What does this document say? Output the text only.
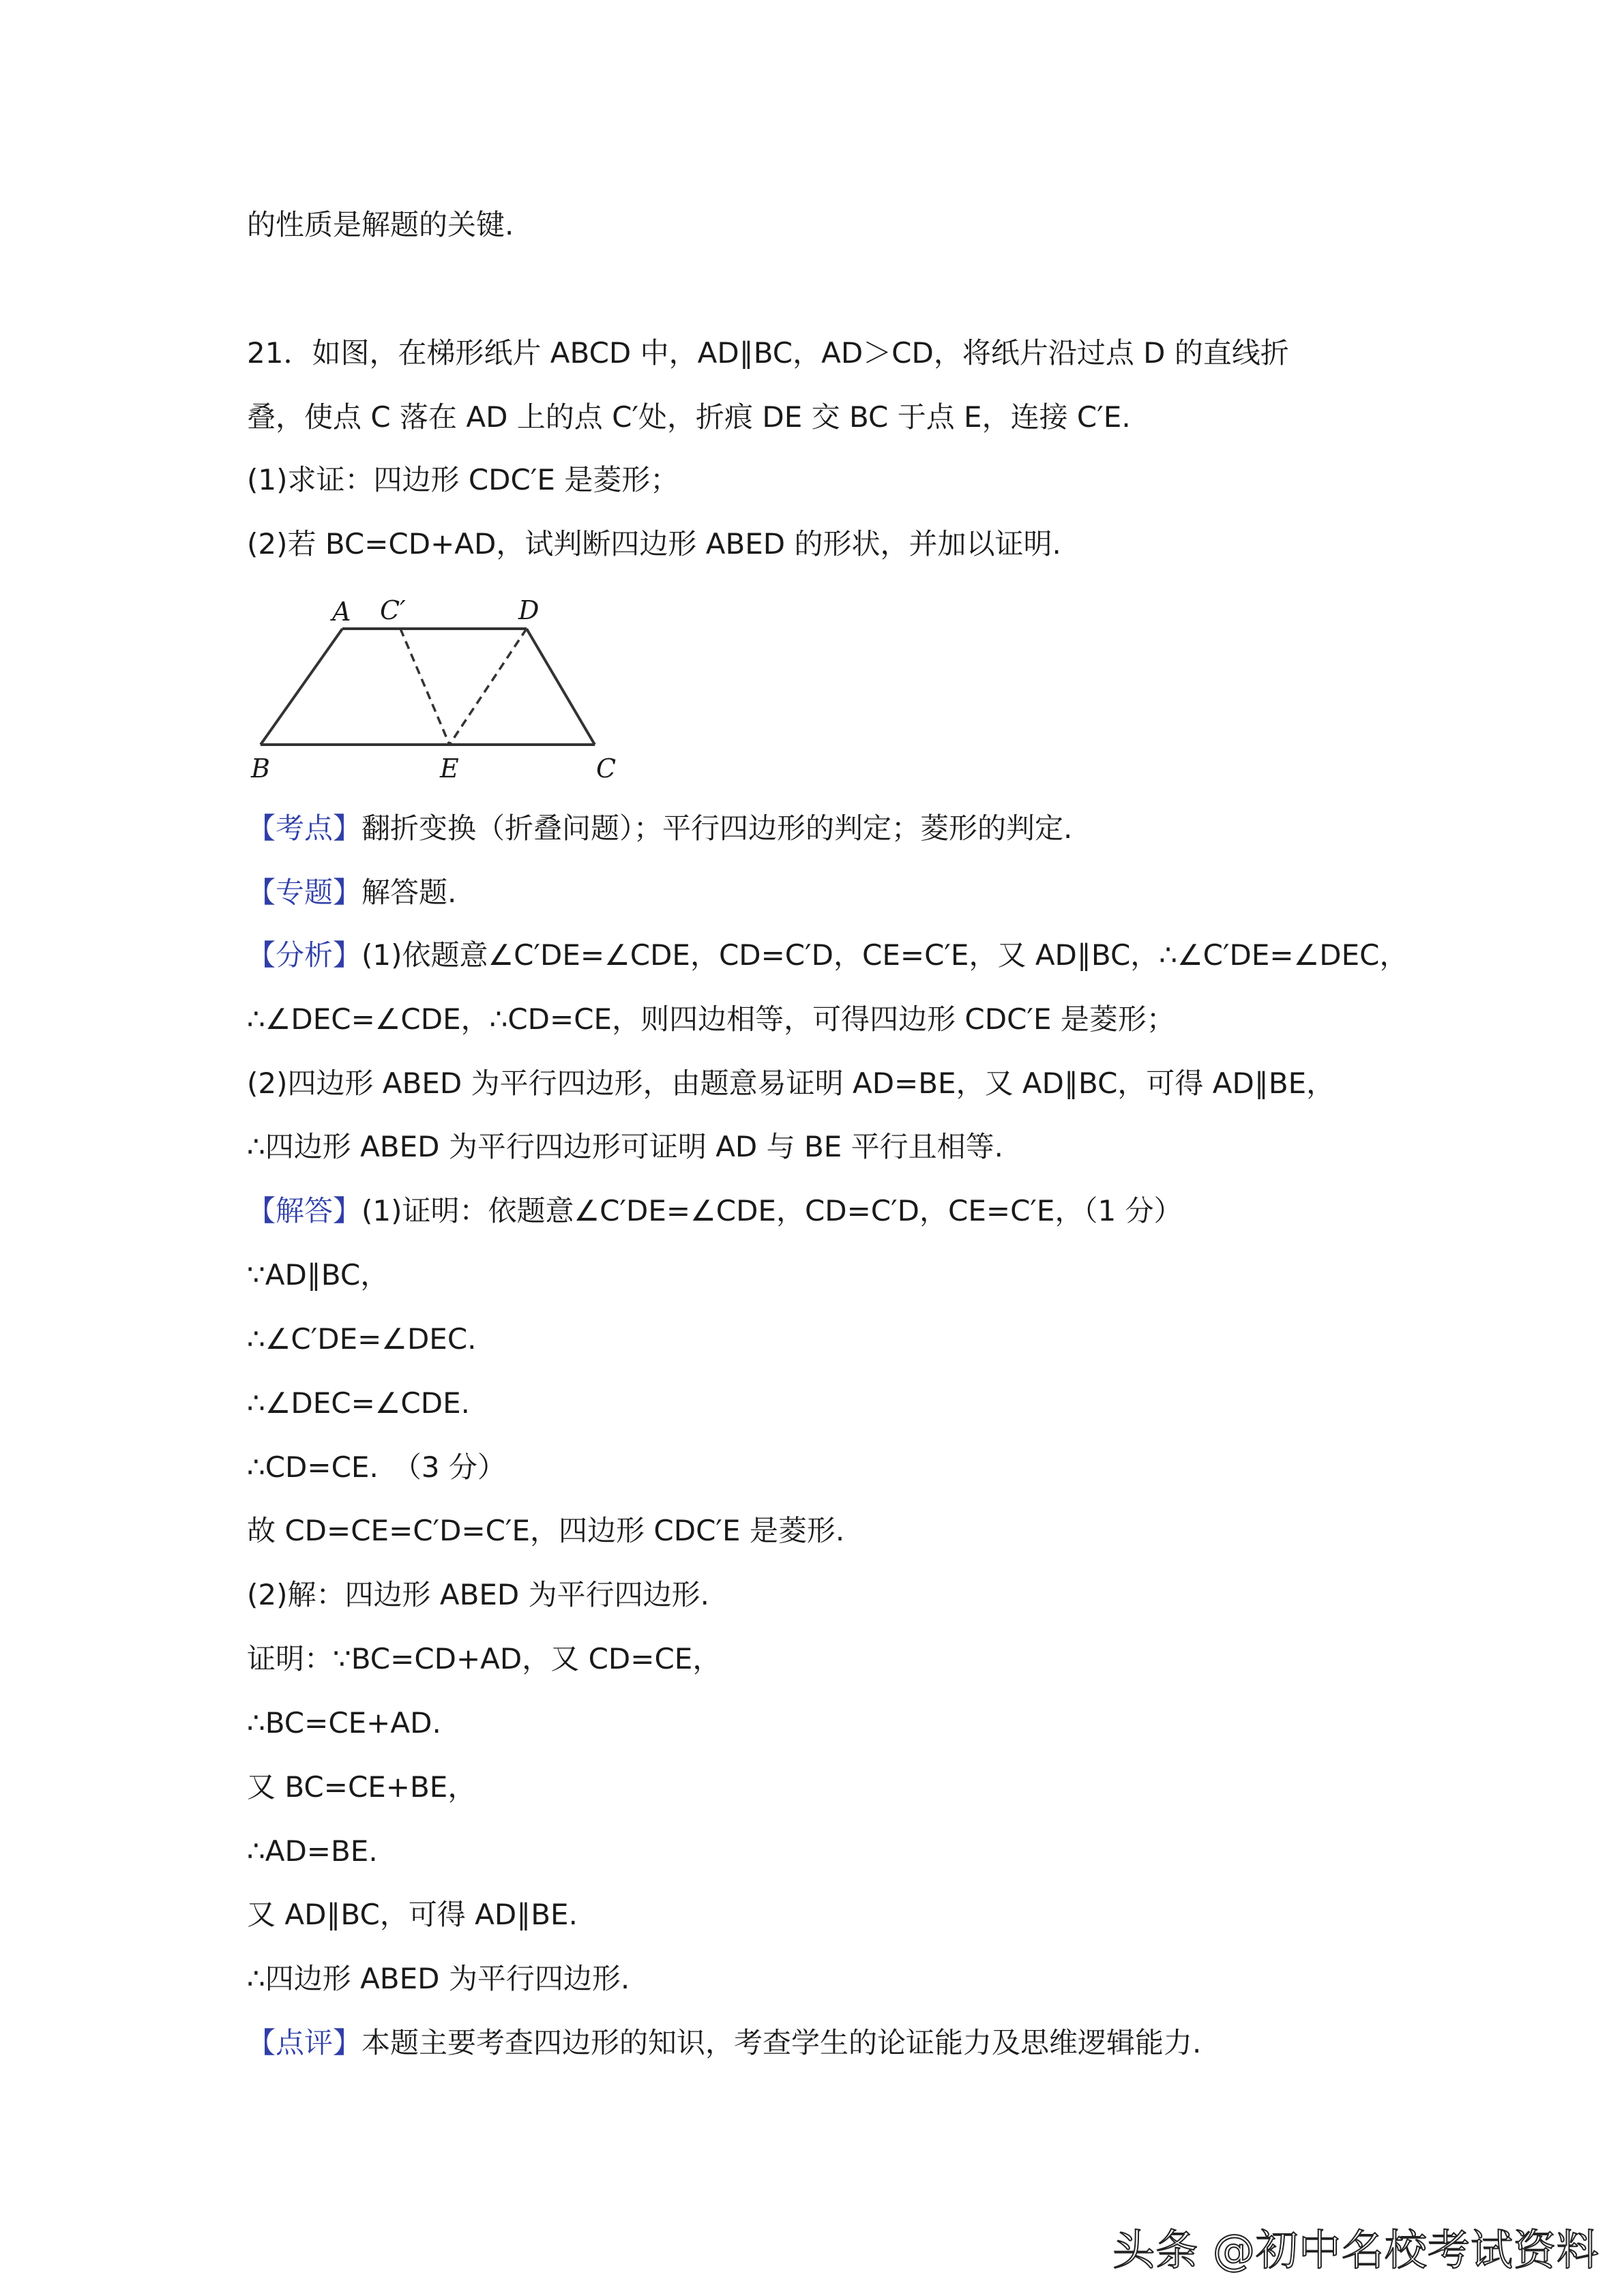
的性质是解题的关键.
21．如图，在梯形纸片 ABCD 中，AD∥BC，AD＞CD，将纸片沿过点 D 的直线折
叠，使点 C 落在 AD 上的点 C′处，折痕 DE 交 BC 于点 E，连接 C′E.
(1)求证：四边形 CDC′E 是菱形；
(2)若 BC=CD+AD，试判断四边形 ABED 的形状，并加以证明.
A C′	D
B	E	C
【考点】翻折变换（折叠问题）；平行四边形的判定；菱形的判定.
【专题】解答题.
【分析】(1)依题意∠C′DE=∠CDE，CD=C′D，CE=C′E，又 AD∥BC，∴∠C′DE=∠DEC，
∴∠DEC=∠CDE，∴CD=CE，则四边相等，可得四边形 CDC′E 是菱形；
(2)四边形 ABED 为平行四边形，由题意易证明 AD=BE，又 AD∥BC，可得 AD∥BE，
∴四边形 ABED 为平行四边形可证明 AD 与 BE 平行且相等.
【解答】(1)证明：依题意∠C′DE=∠CDE，CD=C′D，CE=C′E，（1 分）
∵AD∥BC，
∴∠C′DE=∠DEC.
∴∠DEC=∠CDE.
∴CD=CE.　（3 分）
故 CD=CE=C′D=C′E，四边形 CDC′E 是菱形.
(2)解：四边形 ABED 为平行四边形.
证明：∵BC=CD+AD，又 CD=CE，
∴BC=CE+AD.
又 BC=CE+BE，
∴AD=BE.
又 AD∥BC，可得 AD∥BE.
∴四边形 ABED 为平行四边形.
【点评】本题主要考查四边形的知识，考查学生的论证能力及思维逻辑能力.
头条 @初中名校考试资料
